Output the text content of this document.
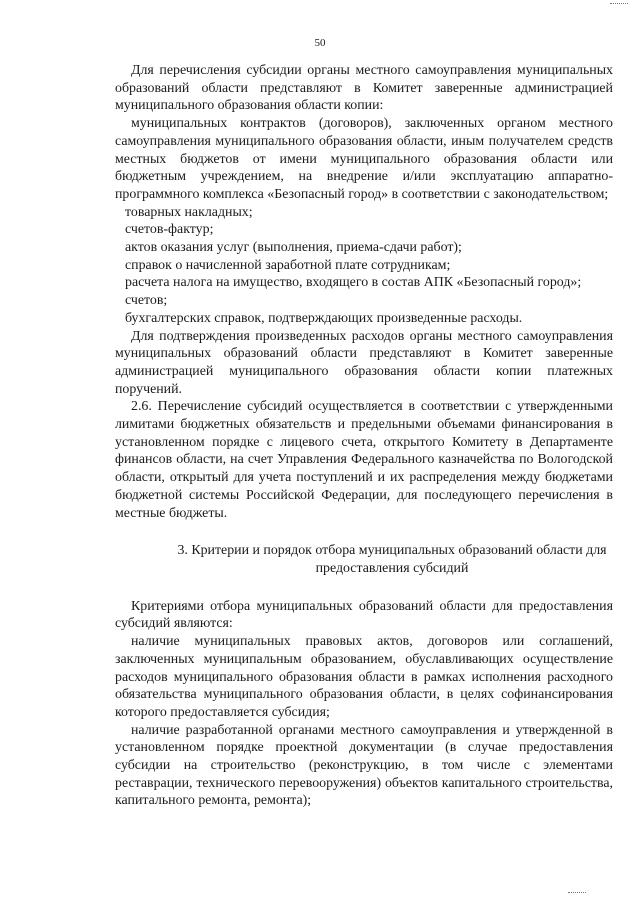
50

Для перечисления субсидии органы местного самоуправления муниципальных образований области представляют в Комитет заверенные администрацией муниципального образования области копии:

муниципальных контрактов (договоров), заключенных органом местного самоуправления муниципального образования области, иным получателем средств местных бюджетов от имени муниципального образования области или бюджетным учреждением, на внедрение и/или эксплуатацию аппаратно-программного комплекса «Безопасный город» в соответствии с законодательством;

товарных накладных;

счетов-фактур;

актов оказания услуг (выполнения, приема-сдачи работ);

справок о начисленной заработной плате сотрудникам;

расчета налога на имущество, входящего в состав АПК «Безопасный город»;

счетов;

бухгалтерских справок, подтверждающих произведенные расходы.

Для подтверждения произведенных расходов органы местного самоуправления муниципальных образований области представляют в Комитет заверенные администрацией муниципального образования области копии платежных поручений.

2.6. Перечисление субсидий осуществляется в соответствии с утвержденными лимитами бюджетных обязательств и предельными объемами финансирования в установленном порядке с лицевого счета, открытого Комитету в Департаменте финансов области, на счет Управления Федерального казначейства по Вологодской области, открытый для учета поступлений и их распределения между бюджетами бюджетной системы Российской Федерации, для последующего перечисления в местные бюджеты.

3. Критерии и порядок отбора муниципальных образований области для предоставления субсидий

Критериями отбора муниципальных образований области для предоставления субсидий являются:

наличие муниципальных правовых актов, договоров или соглашений, заключенных муниципальным образованием, обуславливающих осуществление расходов муниципального образования области в рамках исполнения расходного обязательства муниципального образования области, в целях софинансирования которого предоставляется субсидия;

наличие разработанной органами местного самоуправления и утвержденной в установленном порядке проектной документации (в случае предоставления субсидии на строительство (реконструкцию, в том числе с элементами реставрации, технического перевооружения) объектов капитального строительства, капитального ремонта, ремонта);
